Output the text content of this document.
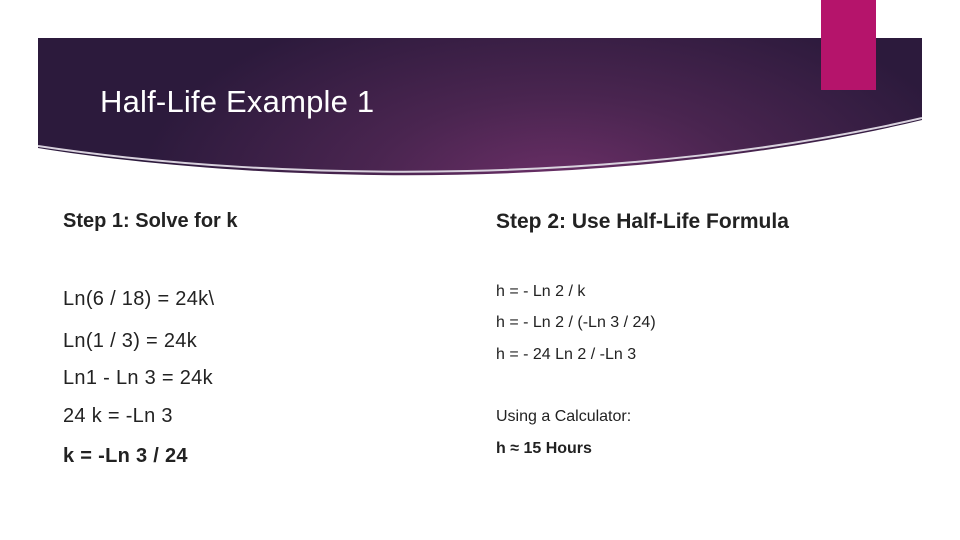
Half-Life Example 1
Step 1: Solve for k
Ln(6 / 18) = 24k\
Ln(1 / 3) = 24k
Ln1 - Ln 3 = 24k
24 k = -Ln 3
k = -Ln 3 / 24
Step 2: Use Half-Life Formula
h = - Ln 2 / k
h = - Ln 2 / (-Ln 3 / 24)
h = - 24 Ln 2 / -Ln 3
Using a Calculator:
h ≈ 15 Hours
